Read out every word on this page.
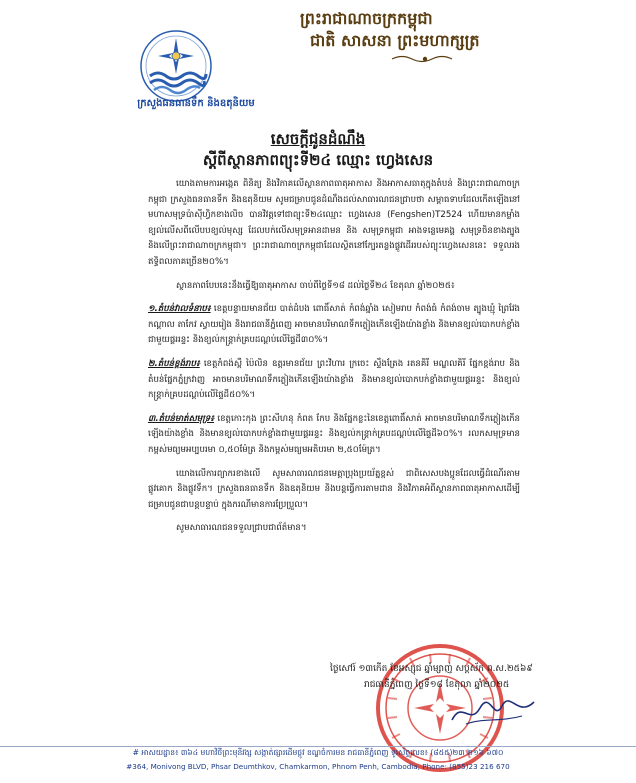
ព្រះរាជាណាចក្រកម្ពុជា
ជាតិ សាសនា ព្រះមហាក្សត្រ
ក្រសួងធនធានទឹក និងឧតុនិយម
សេចក្ដីជូនដំណឹង
ស្ដីពីស្ថានភាពព្យុះទី២៤ ឈ្មោះ ហ្វេងសេន

យោងតាមការអង្កេត ពិនិត្យ និងវិភាគលើស្ថានភាពធាតុអាកាស និងអាកាសធាតុក្នុងតំបន់ និងព្រះរាជាណាចក្រកម្ពុជា ក្រសួងធនធានទឹក និងឧតុនិយម សូមជម្រាបជូនដំណឹងដល់សាធារណជនជ្រាបថា សម្ពាធទាបដែលកើតឡើងនៅមហាសមុទ្រប៉ាស៊ីហ្វិកខាងលិច បានវិវត្តទៅជាព្យុះទី២៤ឈ្មោះ ហ្វេងសេន (Fengshen)T2524 ហើយមានកម្លាំងខ្យល់លើសពីលើបបខ្យល់មុស្ស ដែលបក់លើសមុទ្រអានដាមន និង សមុទ្រកម្ពុជា អាងទន្លេមេគង្គ សមុទ្រចិនខាងត្បូង និងលើព្រះរាជាណាចក្រកម្ពុជា។ ព្រះរាជាណាចក្រកម្ពុជាដែលស្ថិតនៅក្បែរតន្លងផ្លូវដើររបស់ព្យុះហ្វេងសេននេះ ទទួលរងឥទ្ធិពលភាគច្រើន២០%។

ស្ថានភាពបែបនេះនឹងធ្វើឱ្យធាតុអាកាស ចាប់ពីថ្ងៃទី១៨ ដល់ថ្ងៃទី២៤ ខែតុលា ឆ្នាំ២០២៥៖

១.តំបន់វាលទំនាប៖ ខេត្តបន្ទាយមានជ័យ បាត់ដំបង ពោធិ៍សាត់ កំពង់ឆ្នាំង សៀមរាប កំពង់ធំ កំពង់ចាម ត្បូងឃ្មុំ ព្រៃវែង កណ្ដាល តាកែវ ស្វាយរៀង និងរាជធានីភ្នំពេញ អាចមានបរិមាណទឹកភ្លៀងកើនឡើងយ៉ាងខ្លាំង និងមានខ្យល់បោកបក់ខ្លាំងជាមួយផ្គររន្ទះ និងខ្យល់កន្ត្រាក់គ្របដណ្ដប់លើផ្ទៃដី៣០%។

២.តំបន់ខ្ពង់រាប៖ ខេត្តកំពង់ស្ពឺ ប៉ៃលិន ឧត្តរមានជ័យ ព្រះវិហារ ក្រចេះ ស្ទឹងត្រែង រតនគិរី មណ្ឌលគិរី ផ្នែកខ្ពង់រាប និងតំបន់ផ្នែកភ្នំក្រវាញ អាចមានបរិមាណទឹកភ្លៀងកើនឡើងយ៉ាងខ្លាំង និងមានខ្យល់បោកបក់ខ្លាំងជាមួយផ្គររន្ទះ និងខ្យល់កន្ត្រាក់គ្របដណ្ដប់លើផ្ទៃដី៥០%។

៣.តំបន់មាត់សមុទ្រ៖ ខេត្តកោះកុង ព្រះសីហនុ កំពត កែប និងផ្នែកខ្លះនៃខេត្តពោធិ៍សាត់ អាចមានបរិមាណទឹកភ្លៀងកើនឡើងយ៉ាងខ្លាំង និងមានខ្យល់បោកបក់ខ្លាំងជាមួយផ្គររន្ទះ និងខ្យល់កន្ត្រាក់គ្របដណ្ដប់លើផ្ទៃដី៦០%។ រលកសមុទ្រមានកម្ពស់មធ្យមអប្បបរមា ០,៥០ម៉ែត្រ និងកម្ពស់មធ្យមអតិបរមា ២,៥០ម៉ែត្រ។

យោងលើការព្យាករខាងលើ សូមសាធារណជនមេត្តាប្រុងប្រយ័ត្នខ្ពស់ ជាពិសេសបងប្អូនដែលធ្វើដំណើរតាមផ្លូវគោក និងផ្លូវទឹក។ ក្រសួងធនធានទឹក និងឧតុនិយម និងបន្តធ្វើការតាមដាន និងវិភាគអំពីស្ថានភាពធាតុអាកាសដើម្បីជម្រាបជូនជាបន្តបន្ទាប់ ក្នុងករណីមានការប្រែប្រួល។

សូមសាធារណជនទទួលជ្រាបជាព័ត៌មាន។

ថ្ងៃសៅរ៍ ១៣កើត ខែអស្សុជ ឆ្នាំម្សាញ់ សប្តស័ក ព.ស.២៥៦៩
រាជធានីភ្នំពេញ ថ្ងៃទី១៨ ខែតុលា ឆ្នាំ២០២៥
# អាសយដ្ឋាន៖ ៣៦៤ មហាវិថីព្រះមុនីវង្ស សង្កាត់ផ្សារដើមថ្កូវ ខណ្ឌចំការមន រាជធានីភ្នំពេញ ទូរស័ព្ទលេខ៖ (៨៥៥)២៣ ២១៦ ៦៧០
#364, Monivong BLVD, Phsar Deumthkov, Chamkarmon, Phnom Penh, Cambodia, Phone: (855)23 216 670
